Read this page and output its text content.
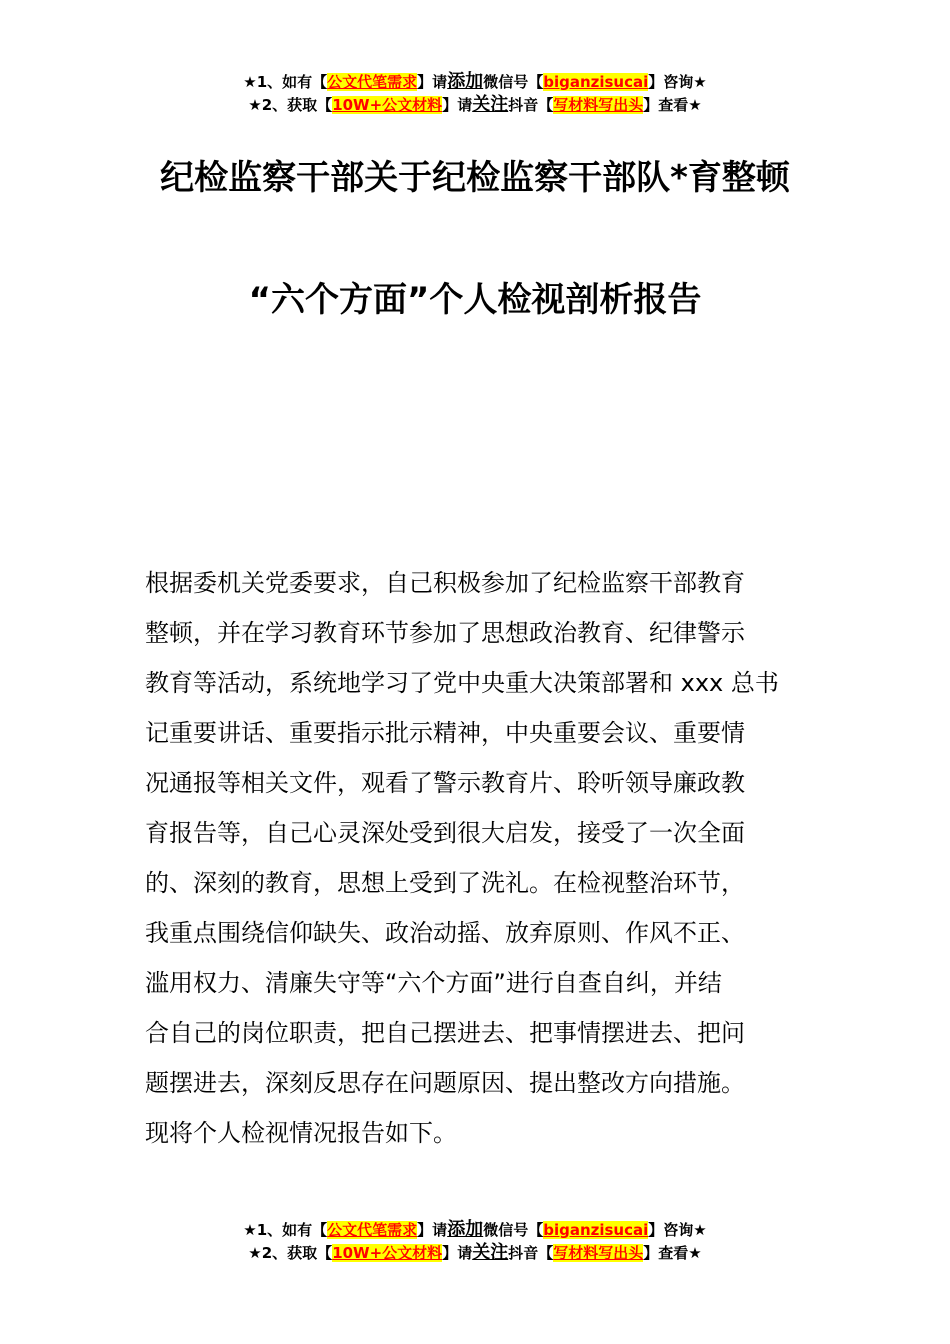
★1、如有【公文代笔需求】请添加微信号【biganzisucai】咨询★
★2、获取【10W+公文材料】请关注抖音【写材料写出头】查看★
纪检监察干部关于纪检监察干部队*育整顿
“六个方面”个人检视剖析报告
根据委机关党委要求，自己积极参加了纪检监察干部教育
整顿，并在学习教育环节参加了思想政治教育、纪律警示
教育等活动，系统地学习了党中央重大决策部署和 xxx 总书
记重要讲话、重要指示批示精神，中央重要会议、重要情
况通报等相关文件，观看了警示教育片、聆听领导廉政教
育报告等，自己心灵深处受到很大启发，接受了一次全面
的、深刻的教育，思想上受到了洗礼。在检视整治环节，
我重点围绕信仰缺失、政治动摇、放弃原则、作风不正、
滥用权力、清廉失守等“六个方面”进行自查自纠，并结
合自己的岗位职责，把自己摆进去、把事情摆进去、把问
题摆进去，深刻反思存在问题原因、提出整改方向措施。
现将个人检视情况报告如下。
★1、如有【公文代笔需求】请添加微信号【biganzisucai】咨询★
★2、获取【10W+公文材料】请关注抖音【写材料写出头】查看★
